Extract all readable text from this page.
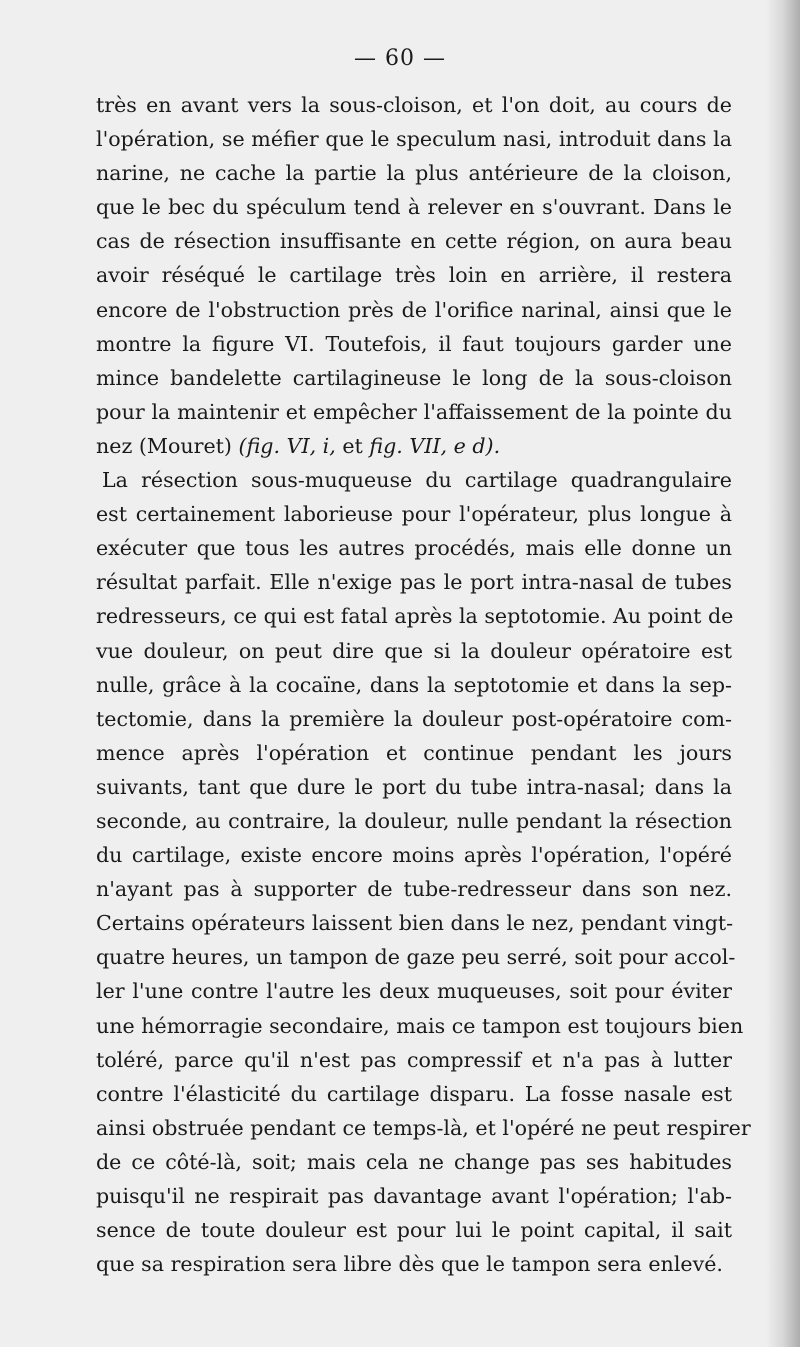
— 60 —
très en avant vers la sous-cloison, et l'on doit, au cours de
l'opération, se méfier que le speculum nasi, introduit dans la
narine, ne cache la partie la plus antérieure de la cloison,
que le bec du spéculum tend à relever en s'ouvrant. Dans le
cas de résection insuffisante en cette région, on aura beau
avoir réséqué le cartilage très loin en arrière, il restera
encore de l'obstruction près de l'orifice narinal, ainsi que le
montre la figure VI. Toutefois, il faut toujours garder une
mince bandelette cartilagineuse le long de la sous-cloison
pour la maintenir et empêcher l'affaissement de la pointe du
nez (Mouret) (fig. VI, i, et fig. VII, e d).
La résection sous-muqueuse du cartilage quadrangulaire
est certainement laborieuse pour l'opérateur, plus longue à
exécuter que tous les autres procédés, mais elle donne un
résultat parfait. Elle n'exige pas le port intra-nasal de tubes
redresseurs, ce qui est fatal après la septotomie. Au point de
vue douleur, on peut dire que si la douleur opératoire est
nulle, grâce à la cocaïne, dans la septotomie et dans la sep-
tectomie, dans la première la douleur post-opératoire com-
mence après l'opération et continue pendant les jours
suivants, tant que dure le port du tube intra-nasal; dans la
seconde, au contraire, la douleur, nulle pendant la résection
du cartilage, existe encore moins après l'opération, l'opéré
n'ayant pas à supporter de tube-redresseur dans son nez.
Certains opérateurs laissent bien dans le nez, pendant vingt-
quatre heures, un tampon de gaze peu serré, soit pour accol-
ler l'une contre l'autre les deux muqueuses, soit pour éviter
une hémorragie secondaire, mais ce tampon est toujours bien
toléré, parce qu'il n'est pas compressif et n'a pas à lutter
contre l'élasticité du cartilage disparu. La fosse nasale est
ainsi obstruée pendant ce temps-là, et l'opéré ne peut respirer
de ce côté-là, soit; mais cela ne change pas ses habitudes
puisqu'il ne respirait pas davantage avant l'opération; l'ab-
sence de toute douleur est pour lui le point capital, il sait
que sa respiration sera libre dès que le tampon sera enlevé.
